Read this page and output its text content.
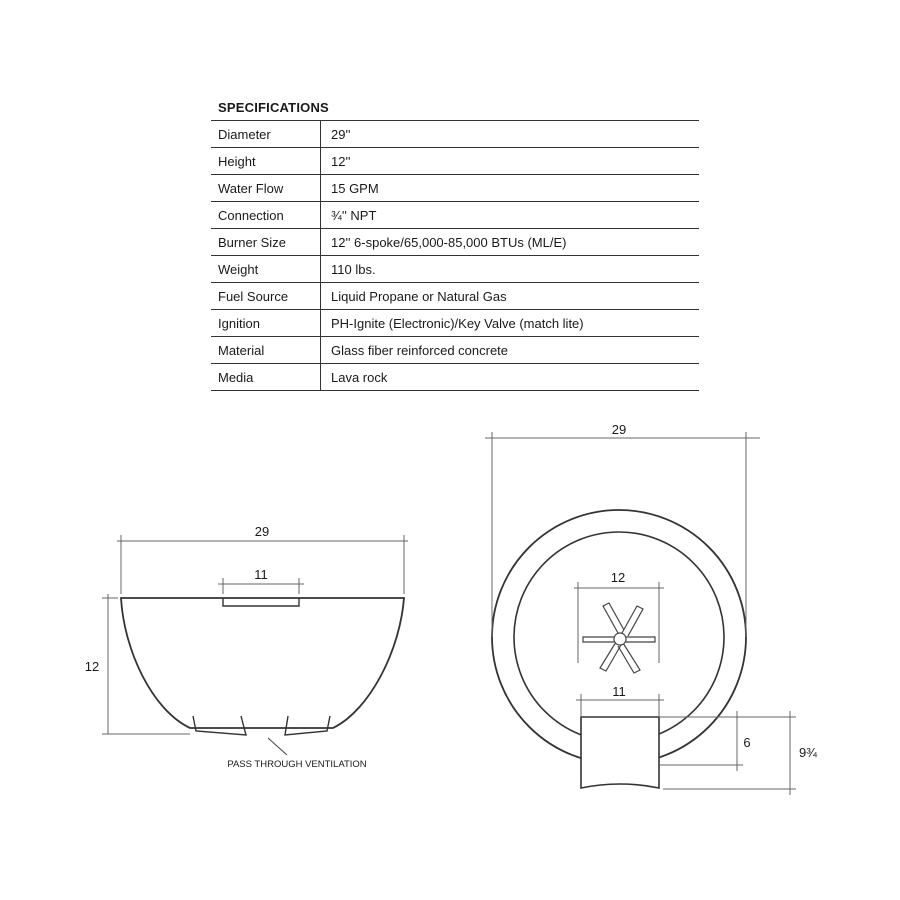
SPECIFICATIONS
Diameter	29''
Height	12''
Water Flow	15 GPM
Connection	¾'' NPT
Burner Size	12'' 6-spoke/65,000-85,000 BTUs (ML/E)
Weight	110 lbs.
Fuel Source	Liquid Propane or Natural Gas
Ignition	PH-Ignite (Electronic)/Key Valve (match lite)
Material	Glass fiber reinforced concrete
Media	Lava rock
29
11
12
PASS THROUGH VENTILATION
29
12
11
6
9¾
